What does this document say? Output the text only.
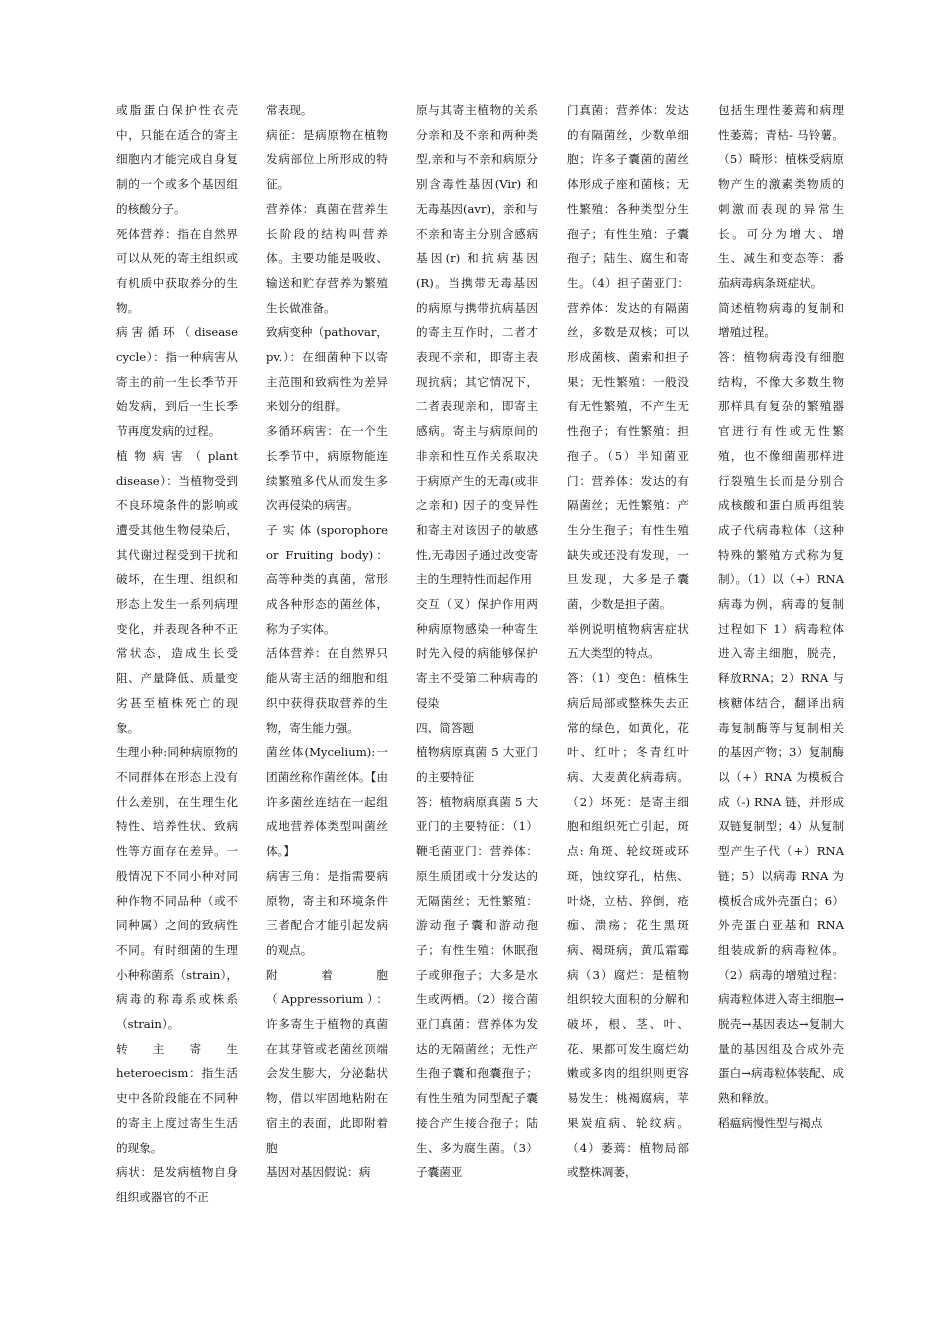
或脂蛋白保护性衣壳中，只能在适合的寄主细胞内才能完成自身复制的一个或多个基因组的核酸分子。

死体营养：指在自然界可以从死的寄主组织或有机质中获取养分的生物。

病害循环（disease cycle）：指一种病害从寄主的前一生长季节开始发病，到后一生长季节再度发病的过程。

植物病害（plant disease）：当植物受到不良环境条件的影响或遭受其他生物侵染后，其代谢过程受到干扰和破坏，在生理、组织和形态上发生一系列病理变化，并表现各种不正常状态，造成生长受阻、产量降低、质量变劣甚至植株死亡的现象。

生理小种:同种病原物的不同群体在形态上没有什么差别，在生理生化特性、培养性状、致病性等方面存在差异。一般情况下不同小种对同种作物不同品种（或不同种属）之间的致病性不同。有时细菌的生理小种称菌系（strain），病毒的称毒系或株系（strain）。

转主寄生 heteroecism：指生活史中各阶段能在不同种的寄主上度过寄生生活的现象。

病状：是发病植物自身组织或器官的不正

常表现。

病征：是病原物在植物发病部位上所形成的特征。

营养体：真菌在营养生长阶段的结构叫营养体。主要功能是吸收、输送和贮存营养为繁殖生长做准备。

致病变种（pathovar，pv.）：在细菌种下以寄主范围和致病性为差异来划分的组群。

多循环病害：在一个生长季节中，病原物能连续繁殖多代从而发生多次再侵染的病害。

子实体(sporophore or Fruiting body)：高等种类的真菌，常形成各种形态的菌丝体，称为子实体。

活体营养：在自然界只能从寄主活的细胞和组织中获得获取营养的生物，寄生能力强。

菌丝体(Mycelium):一团菌丝称作菌丝体。【由许多菌丝连结在一起组成地营养体类型叫菌丝体。】

病害三角：是指需要病原物，寄主和环境条件三者配合才能引起发病的观点。

附着胞（Appressorium）：许多寄生于植物的真菌在其芽管或老菌丝顶端会发生膨大，分泌黏状物，借以牢固地粘附在宿主的表面，此即附着胞

基因对基因假说：病

原与其寄主植物的关系分亲和及不亲和两种类型,亲和与不亲和病原分别含毒性基因(Vir) 和无毒基因(avr)，亲和与不亲和寄主分别含感病基因(r) 和抗病基因(R)。当携带无毒基因的病原与携带抗病基因的寄主互作时，二者才表现不亲和，即寄主表现抗病；其它情况下，二者表现亲和，即寄主感病。寄主与病原间的非亲和性互作关系取决于病原产生的无毒(或非之亲和) 因子的变异性和寄主对该因子的敏感性,无毒因子通过改变寄主的生理特性而起作用

交互（叉）保护作用两种病原物感染一种寄生时先入侵的病能够保护寄主不受第二种病毒的侵染

四、简答题

植物病原真菌 5 大亚门的主要特征

答：植物病原真菌 5 大亚门的主要特征：（1）鞭毛菌亚门：营养体：原生质团或十分发达的无隔菌丝；无性繁殖：游动孢子囊和游动孢子；有性生殖：休眠孢子或卵孢子；大多是水生或两栖。（2）接合菌亚门真菌：营养体为发达的无隔菌丝；无性产生孢子囊和孢囊孢子；有性生殖为同型配子囊接合产生接合孢子；陆生、多为腐生菌。（3）子囊菌亚

门真菌：营养体：发达的有隔菌丝，少数单细胞；许多子囊菌的菌丝体形成子座和菌核；无性繁殖：各种类型分生孢子；有性生殖：子囊孢子；陆生、腐生和寄生。（4）担子菌亚门：营养体：发达的有隔菌丝，多数是双核；可以形成菌核、菌索和担子果；无性繁殖：一般没有无性繁殖，不产生无性孢子；有性繁殖：担孢子。（5）半知菌亚门：营养体：发达的有隔菌丝；无性繁殖：产生分生孢子；有性生殖缺失或还没有发现，一旦发现，大多是子囊菌，少数是担子菌。

举例说明植物病害症状五大类型的特点。

答：（1）变色：植株生病后局部或整株失去正常的绿色，如黄化，花叶、红叶；冬青红叶病、大麦黄化病毒病。（2）坏死：是寄主细胞和组织死亡引起，斑点: 角斑、轮纹斑或环斑，蚀纹穿孔，枯焦、叶烧，立枯、猝倒，疮痂、溃疡；花生黑斑病、褐斑病，黄瓜霜霉病（3）腐烂：是植物组织较大面积的分解和破坏，根、茎、叶、花、果都可发生腐烂幼嫩或多肉的组织则更容易发生：桃褐腐病，苹果炭疽病、轮纹病。（4）萎蔫：植物局部或整株凋萎，

包括生理性萎蔫和病理性萎蔫；青枯- 马铃薯。（5）畸形：植株受病原物产生的激素类物质的刺激而表现的异常生长。可分为增大、增生、减生和变态等：番茄病毒病条斑症状。

简述植物病毒的复制和增殖过程。

答：植物病毒没有细胞结构，不像大多数生物那样具有复杂的繁殖器官进行有性或无性繁殖，也不像细菌那样进行裂殖生长而是分别合成核酸和蛋白质再组装成子代病毒粒体（这种特殊的繁殖方式称为复制）。（1）以（+）RNA 病毒为例，病毒的复制过程如下 1）病毒粒体进入寄主细胞，脱壳，释放RNA；2）RNA 与核糖体结合，翻译出病毒复制酶等与复制相关的基因产物；3）复制酶以（+）RNA 为模板合成（-) RNA 链，并形成双链复制型；4）从复制型产生子代（+）RNA 链；5）以病毒 RNA 为模板合成外壳蛋白；6）外壳蛋白亚基和 RNA 组装成新的病毒粒体。（2）病毒的增殖过程：病毒粒体进入寄主细胞→脱壳→基因表达→复制大量的基因组及合成外壳蛋白→病毒粒体装配、成熟和释放。

稻瘟病慢性型与褐点
